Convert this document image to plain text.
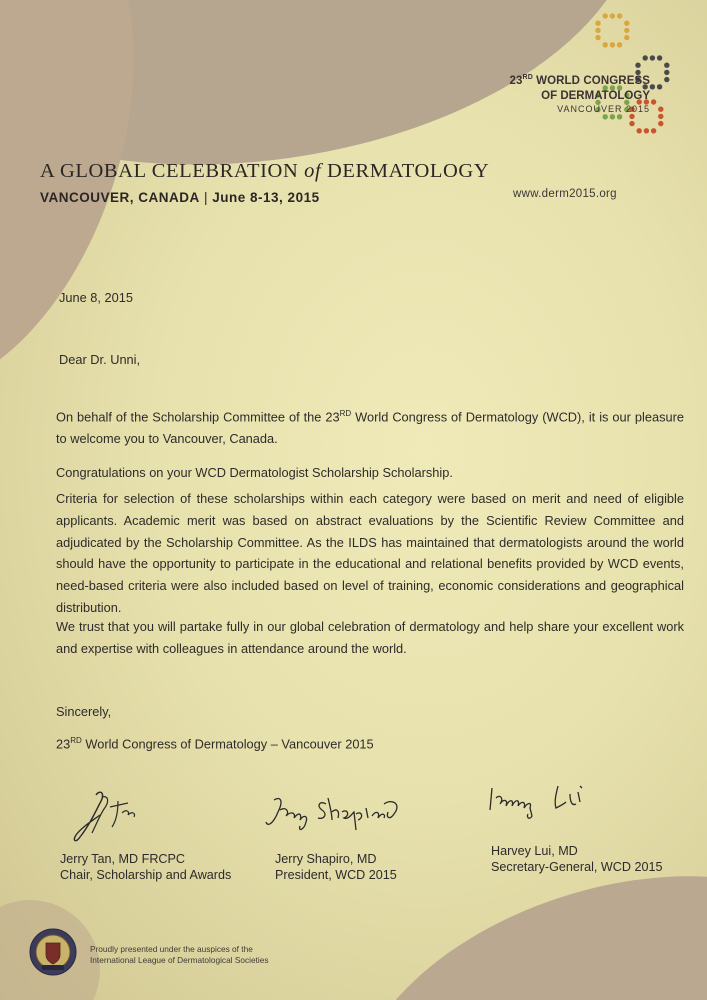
23RD WORLD CONGRESS
OF DERMATOLOGY
VANCOUVER 2015
A GLOBAL CELEBRATION of DERMATOLOGY
VANCOUVER, CANADA | June 8-13, 2015	www.derm2015.org
June 8, 2015
Dear Dr. Unni,
On behalf of the Scholarship Committee of the 23RD World Congress of Dermatology (WCD), it is our pleasure to welcome you to Vancouver, Canada.
Congratulations on your WCD Dermatologist Scholarship Scholarship.
Criteria for selection of these scholarships within each category were based on merit and need of eligible applicants. Academic merit was based on abstract evaluations by the Scientific Review Committee and adjudicated by the Scholarship Committee. As the ILDS has maintained that dermatologists around the world should have the opportunity to participate in the educational and relational benefits provided by WCD events, need-based criteria were also included based on level of training, economic considerations and geographical distribution.
We trust that you will partake fully in our global celebration of dermatology and help share your excellent work and expertise with colleagues in attendance around the world.
Sincerely,
23RD World Congress of Dermatology – Vancouver 2015
Jerry Tan, MD FRCPC
Chair, Scholarship and Awards
Jerry Shapiro, MD
President, WCD 2015
Harvey Lui, MD
Secretary-General, WCD 2015
Proudly presented under the auspices of the
International League of Dermatological Societies
